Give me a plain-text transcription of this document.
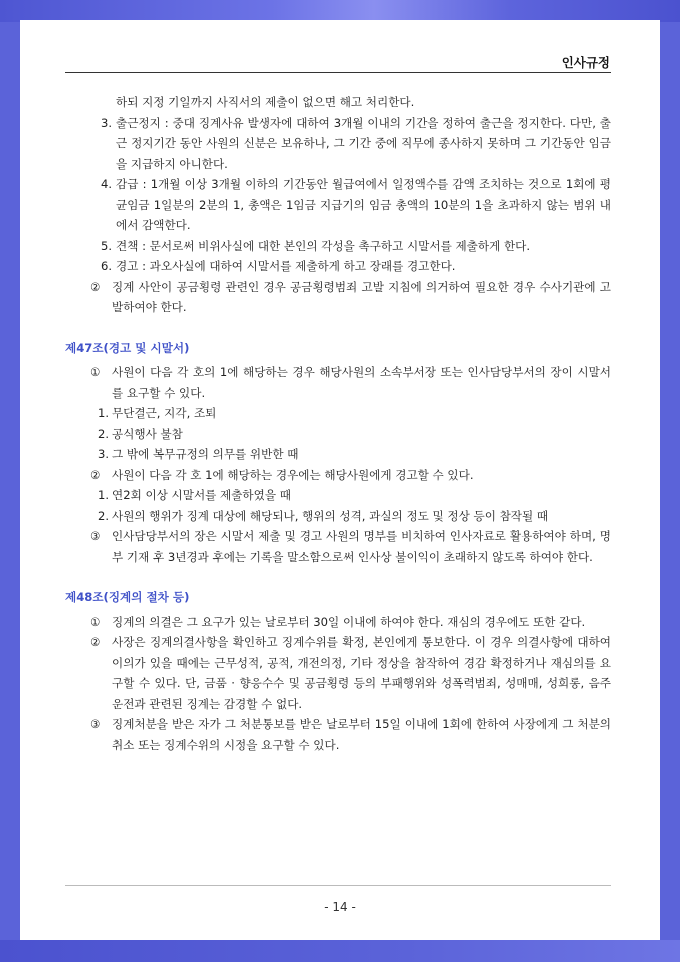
인사규정

하되 지정 기일까지 사직서의 제출이 없으면 해고 처리한다.

3. 출근정지 : 중대 징계사유 발생자에 대하여 3개월 이내의 기간을 정하여 출근을 정지한다. 다만, 출근 정지기간 동안 사원의 신분은 보유하나, 그 기간 중에 직무에 종사하지 못하며 그 기간동안 임금을 지급하지 아니한다.

4. 감급 : 1개월 이상 3개월 이하의 기간동안 월급여에서 일정액수를 감액 조치하는 것으로 1회에 평균임금 1일분의 2분의 1, 총액은 1임금 지급기의 임금 총액의 10분의 1을 초과하지 않는 범위 내에서 감액한다.

5. 견책 : 문서로써 비위사실에 대한 본인의 각성을 촉구하고 시말서를 제출하게 한다.

6. 경고 : 과오사실에 대하여 시말서를 제출하게 하고 장래를 경고한다.

② 징계 사안이 공금횡령 관련인 경우 공금횡령범죄 고발 지침에 의거하여 필요한 경우 수사기관에 고발하여야 한다.

제47조(경고 및 시말서)

① 사원이 다음 각 호의 1에 해당하는 경우 해당사원의 소속부서장 또는 인사담당부서의 장이 시말서를 요구할 수 있다.

1. 무단결근, 지각, 조퇴

2. 공식행사 불참

3. 그 밖에 복무규정의 의무를 위반한 때

② 사원이 다음 각 호 1에 해당하는 경우에는 해당사원에게 경고할 수 있다.

1. 연2회 이상 시말서를 제출하였을 때

2. 사원의 행위가 징계 대상에 해당되나, 행위의 성격, 과실의 정도 및 정상 등이 참작될 때

③ 인사담당부서의 장은 시말서 제출 및 경고 사원의 명부를 비치하여 인사자료로 활용하여야 하며, 명부 기재 후 3년경과 후에는 기록을 말소함으로써 인사상 불이익이 초래하지 않도록 하여야 한다.

제48조(징계의 절차 등)

① 징계의 의결은 그 요구가 있는 날로부터 30일 이내에 하여야 한다. 재심의 경우에도 또한 같다.

② 사장은 징계의결사항을 확인하고 징계수위를 확정, 본인에게 통보한다. 이 경우 의결사항에 대하여 이의가 있을 때에는 근무성적, 공적, 개전의정, 기타 정상을 참작하여 경감 확정하거나 재심의를 요구할 수 있다. 단, 금품 · 향응수수 및 공금횡령 등의 부패행위와 성폭력범죄, 성매매, 성희롱, 음주운전과 관련된 징계는 감경할 수 없다.

③ 징계처분을 받은 자가 그 처분통보를 받은 날로부터 15일 이내에 1회에 한하여 사장에게 그 처분의 취소 또는 징계수위의 시정을 요구할 수 있다.

- 14 -
